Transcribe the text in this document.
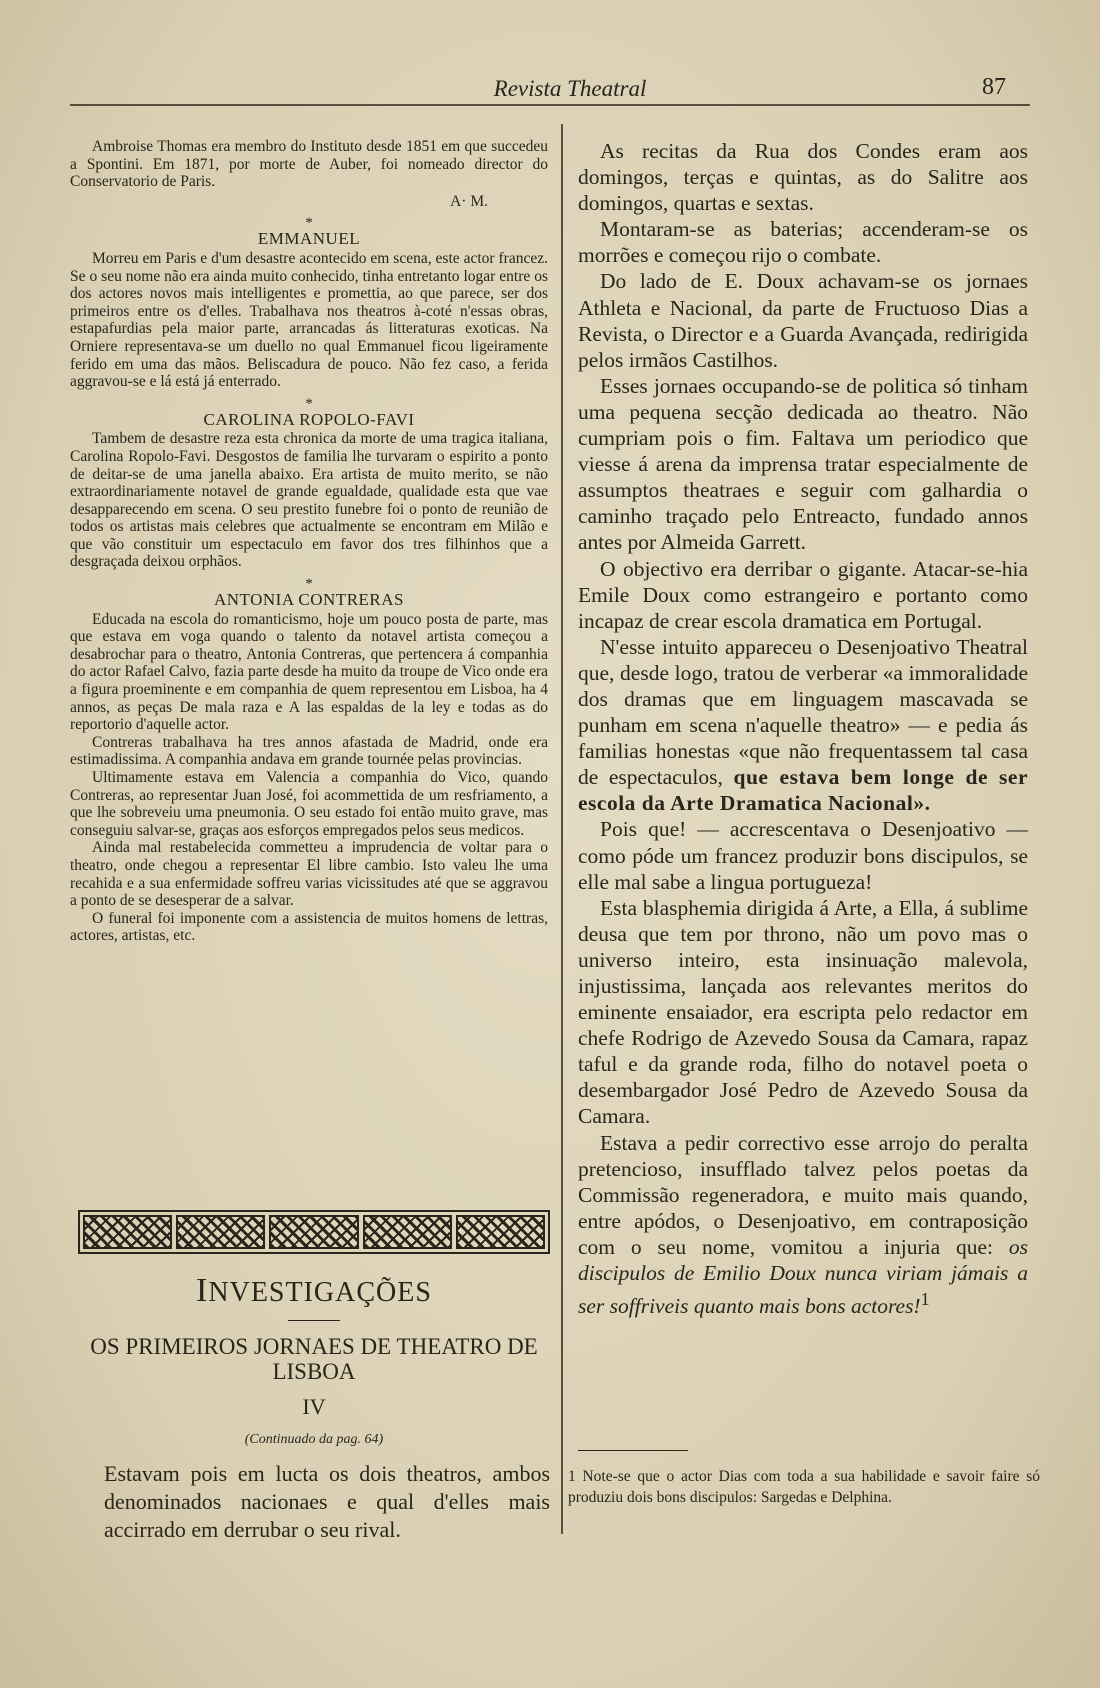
Revista Theatral	87

Ambroise Thomas era membro do Instituto desde 1851 em que succedeu a Spontini. Em 1871, por morte de Auber, foi nomeado director do Conservatorio de Paris.

A· M.
*
EMMANUEL

Morreu em Paris e d'um desastre acontecido em scena, este actor francez. Se o seu nome não era ainda muito conhecido, tinha entretanto logar entre os dos actores novos mais intelligentes e promettia, ao que parece, ser dos primeiros entre os d'elles. Trabalhava nos theatros à-coté n'essas obras, estapafurdias pela maior parte, arrancadas ás litteraturas exoticas. Na Orniere representava-se um duello no qual Emmanuel ficou ligeiramente ferido em uma das mãos. Beliscadura de pouco. Não fez caso, a ferida aggravou-se e lá está já enterrado.

*
CAROLINA ROPOLO-FAVI

Tambem de desastre reza esta chronica da morte de uma tragica italiana, Carolina Ropolo-Favi. Desgostos de familia lhe turvaram o espirito a ponto de deitar-se de uma janella abaixo. Era artista de muito merito, se não extraordinariamente notavel de grande egualdade, qualidade esta que vae desapparecendo em scena. O seu prestito funebre foi o ponto de reunião de todos os artistas mais celebres que actualmente se encontram em Milão e que vão constituir um espectaculo em favor dos tres filhinhos que a desgraçada deixou orphãos.

*
ANTONIA CONTRERAS

Educada na escola do romanticismo, hoje um pouco posta de parte, mas que estava em voga quando o talento da notavel artista começou a desabrochar para o theatro, Antonia Contreras, que pertencera á companhia do actor Rafael Calvo, fazia parte desde ha muito da troupe de Vico onde era a figura proeminente e em companhia de quem representou em Lisboa, ha 4 annos, as peças De mala raza e A las espaldas de la ley e todas as do reportorio d'aquelle actor.

Contreras trabalhava ha tres annos afastada de Madrid, onde era estimadissima. A companhia andava em grande tournée pelas provincias.

Ultimamente estava em Valencia a companhia do Vico, quando Contreras, ao representar Juan José, foi acommettida de um resfriamento, a que lhe sobreveiu uma pneumonia. O seu estado foi então muito grave, mas conseguiu salvar-se, graças aos esforços empregados pelos seus medicos.

Ainda mal restabelecida commetteu a imprudencia de voltar para o theatro, onde chegou a representar El libre cambio. Isto valeu lhe uma recahida e a sua enfermidade soffreu varias vicissitudes até que se aggravou a ponto de se desesperar de a salvar.

O funeral foi imponente com a assistencia de muitos homens de lettras, actores, artistas, etc.

INVESTIGAÇÕES
OS PRIMEIROS JORNAES DE THEATRO DE LISBOA
IV
(Continuado da pag. 64)

Estavam pois em lucta os dois theatros, ambos denominados nacionaes e qual d'elles mais accirrado em derrubar o seu rival.

As recitas da Rua dos Condes eram aos domingos, terças e quintas, as do Salitre aos domingos, quartas e sextas.

Montaram-se as baterias; accenderam-se os morrões e começou rijo o combate.

Do lado de E. Doux achavam-se os jornaes Athleta e Nacional, da parte de Fructuoso Dias a Revista, o Director e a Guarda Avançada, redirigida pelos irmãos Castilhos.

Esses jornaes occupando-se de politica só tinham uma pequena secção dedicada ao theatro. Não cumpriam pois o fim. Faltava um periodico que viesse á arena da imprensa tratar especialmente de assumptos theatraes e seguir com galhardia o caminho traçado pelo Entreacto, fundado annos antes por Almeida Garrett.

O objectivo era derribar o gigante. Atacar-se-hia Emile Doux como estrangeiro e portanto como incapaz de crear escola dramatica em Portugal.

N'esse intuito appareceu o Desenjoativo Theatral que, desde logo, tratou de verberar «a immoralidade dos dramas que em linguagem mascavada se punham em scena n'aquelle theatro» — e pedia ás familias honestas «que não frequentassem tal casa de espectaculos, que estava bem longe de ser escola da Arte Dramatica Nacional».

Pois que! — accrescentava o Desenjoativo — como póde um francez produzir bons discipulos, se elle mal sabe a lingua portugueza!

Esta blasphemia dirigida á Arte, a Ella, á sublime deusa que tem por throno, não um povo mas o universo inteiro, esta insinuação malevola, injustissima, lançada aos relevantes meritos do eminente ensaiador, era escripta pelo redactor em chefe Rodrigo de Azevedo Sousa da Camara, rapaz taful e da grande roda, filho do notavel poeta o desembargador José Pedro de Azevedo Sousa da Camara.

Estava a pedir correctivo esse arrojo do peralta pretencioso, insufflado talvez pelos poetas da Commissão regeneradora, e muito mais quando, entre apódos, o Desenjoativo, em contraposição com o seu nome, vomitou a injuria que: os discipulos de Emilio Doux nunca viriam jámais a ser soffriveis quanto mais bons actores!$^1$

1 Note-se que o actor Dias com toda a sua habilidade e savoir faire só produziu dois bons discipulos: Sargedas e Delphina.
